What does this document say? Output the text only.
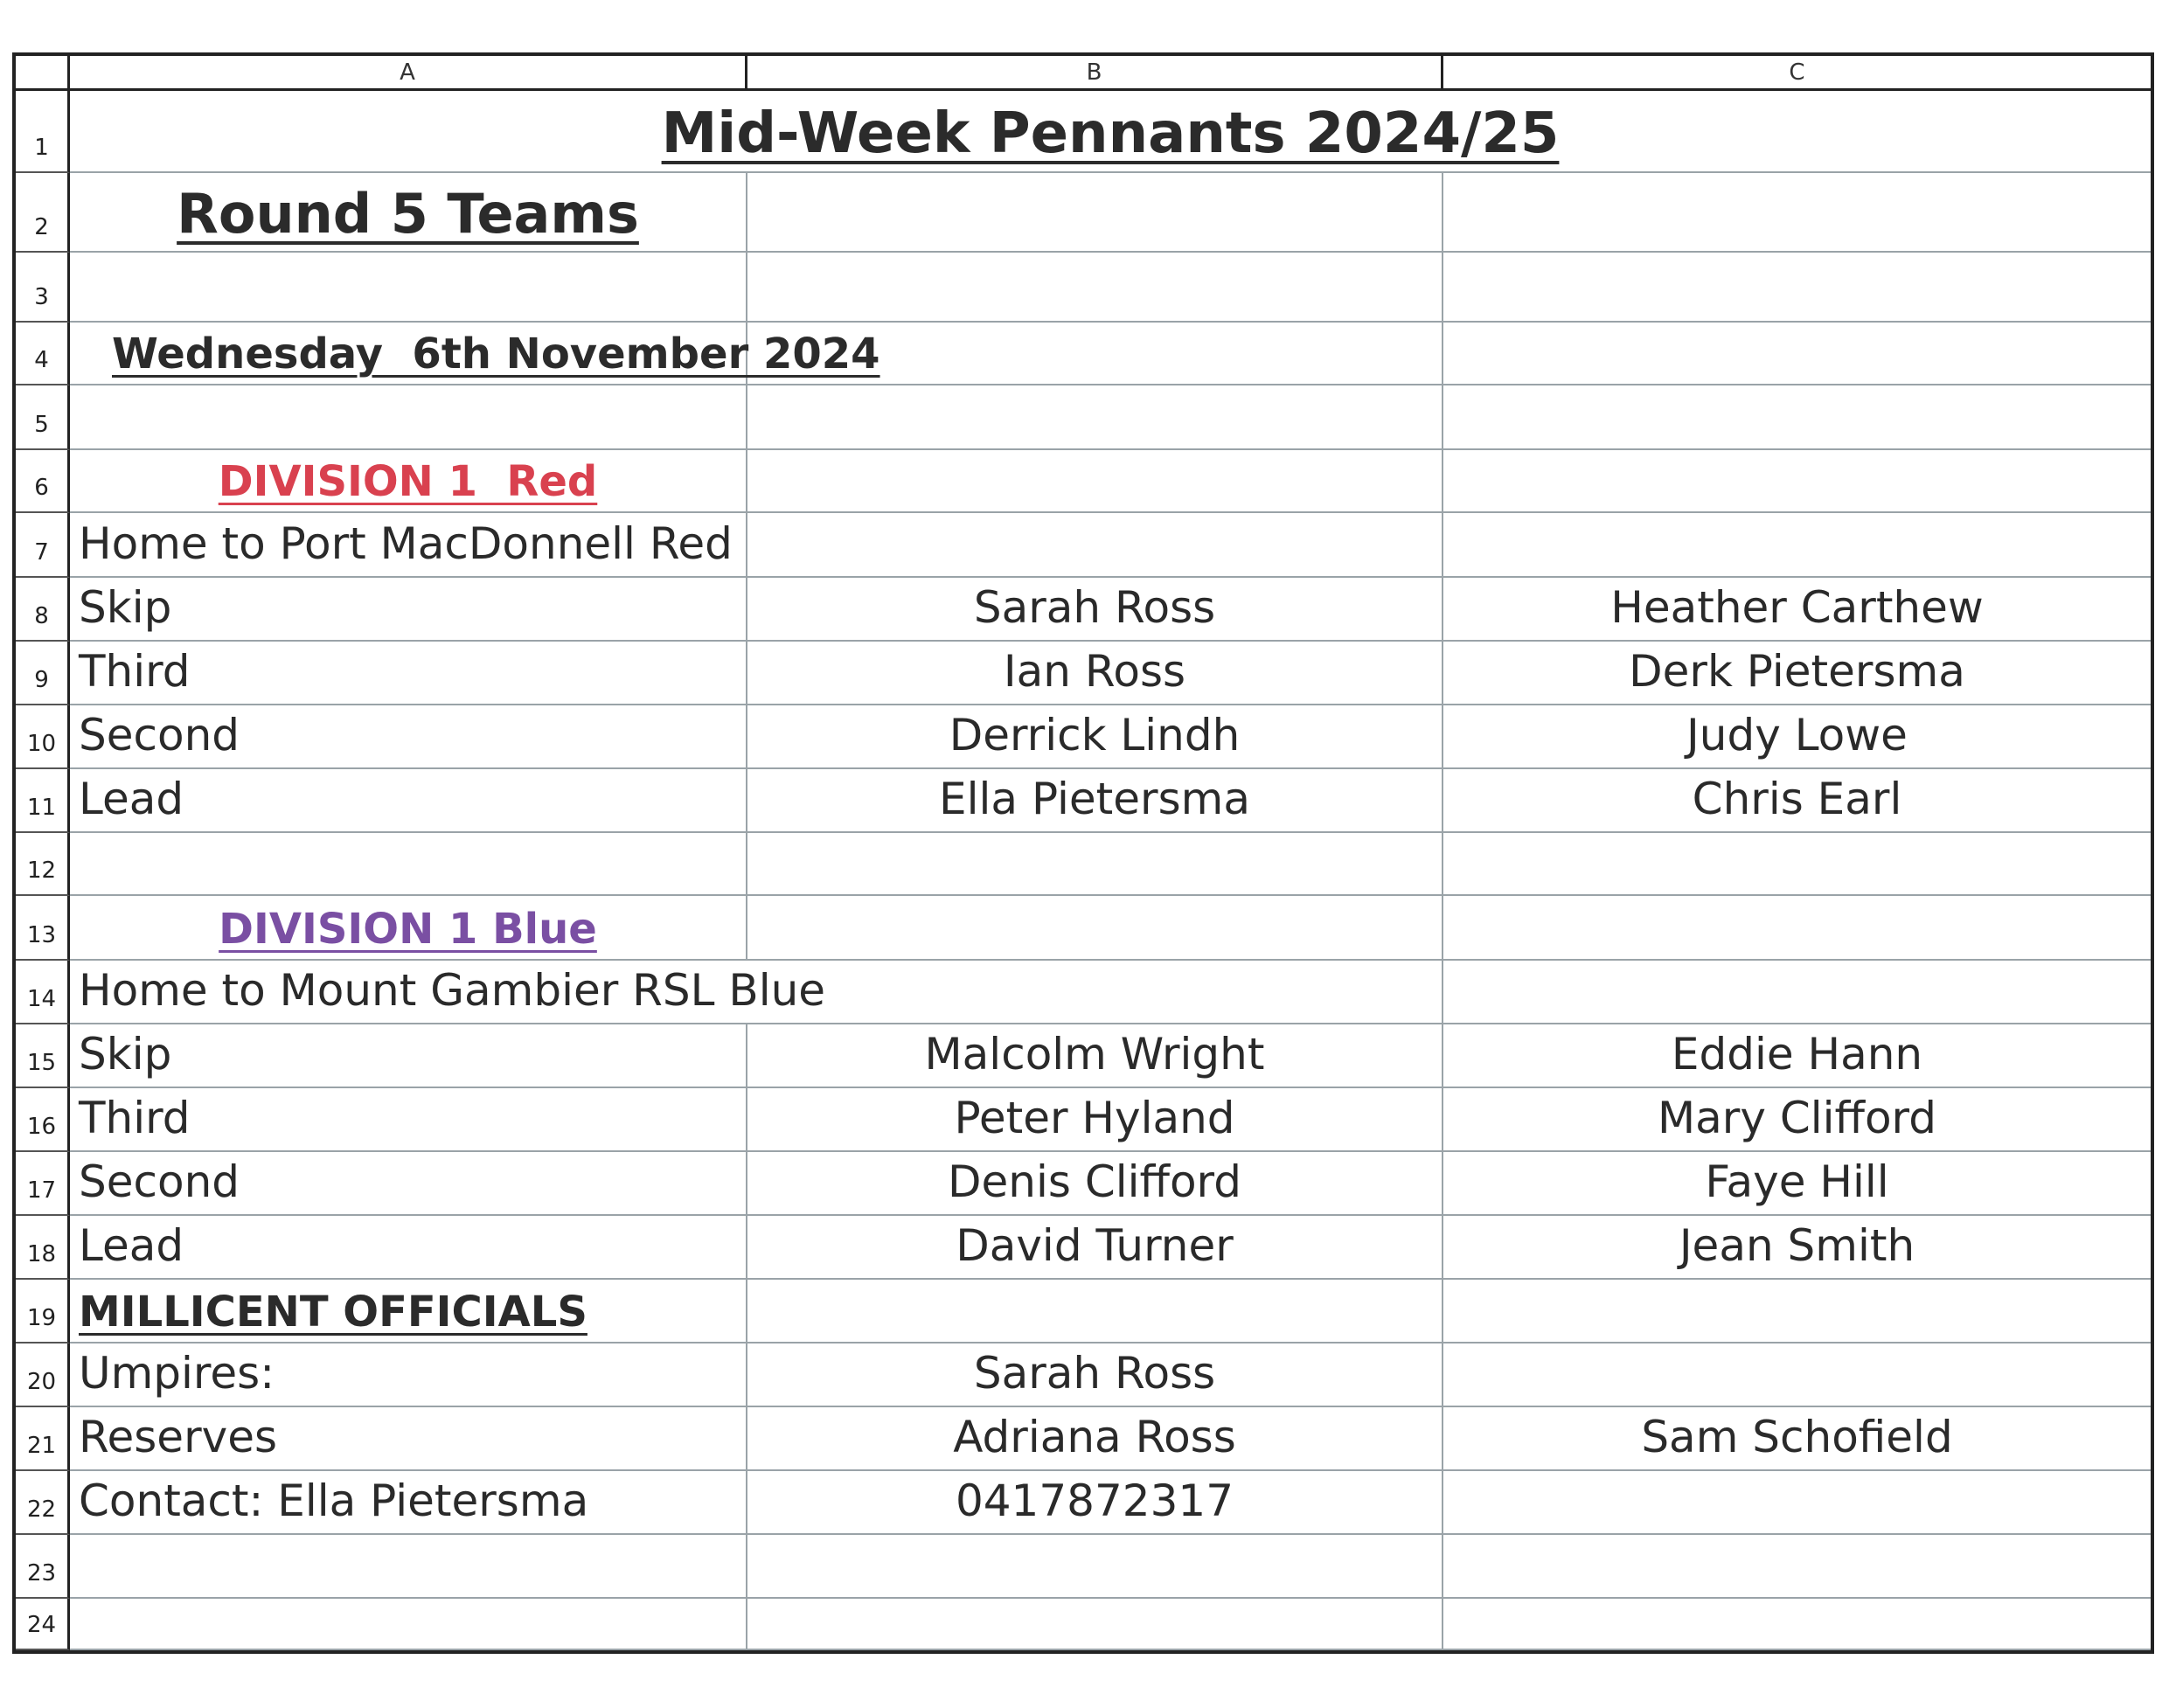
A	B	C
1	Mid-Week Pennants 2024/25
2	Round 5 Teams
3
4	Wednesday  6th November 2024
5
6	DIVISION 1  Red
7 Home to Port MacDonnell Red
8 Skip	Sarah Ross	Heather Carthew
9 Third	Ian Ross	Derk Pietersma
10 Second	Derrick Lindh	Judy Lowe
11 Lead	Ella Pietersma	Chris Earl
12
13	DIVISION 1 Blue
14 Home to Mount Gambier RSL Blue
15 Skip	Malcolm Wright	Eddie Hann
16 Third	Peter Hyland	Mary Clifford
17 Second	Denis Clifford	Faye Hill
18 Lead	David Turner	Jean Smith
19 MILLICENT OFFICIALS
20 Umpires:	Sarah Ross
21 Reserves	Adriana Ross	Sam Schofield
22 Contact: Ella Pietersma	0417872317
23
24
